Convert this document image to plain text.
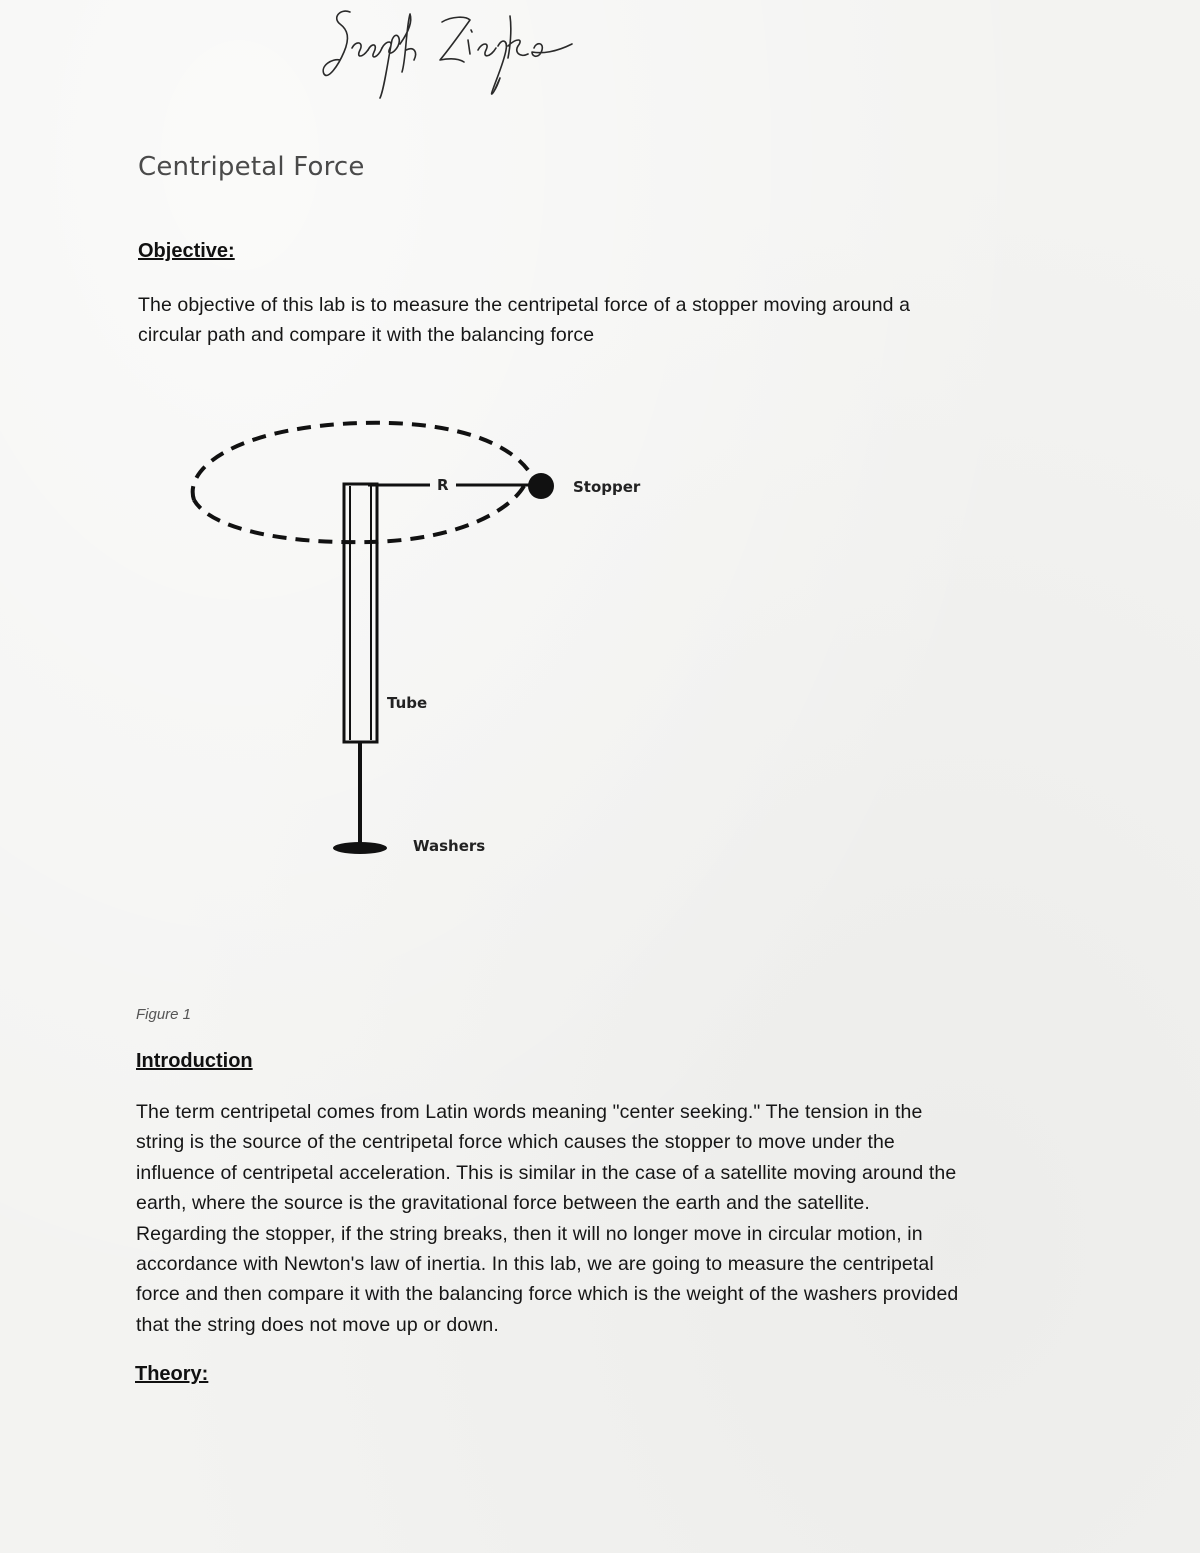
Centripetal Force
Objective:
The objective of this lab is to measure the centripetal force of a stopper moving around a
circular path and compare it with the balancing force
R	Stopper
Tube
Washers
Figure 1
Introduction
The term centripetal comes from Latin words meaning "center seeking." The tension in the
string is the source of the centripetal force which causes the stopper to move under the
influence of centripetal acceleration. This is similar in the case of a satellite moving around the
earth, where the source is the gravitational force between the earth and the satellite.
Regarding the stopper, if the string breaks, then it will no longer move in circular motion, in
accordance with Newton's law of inertia. In this lab, we are going to measure the centripetal
force and then compare it with the balancing force which is the weight of the washers provided
that the string does not move up or down.
Theory:
